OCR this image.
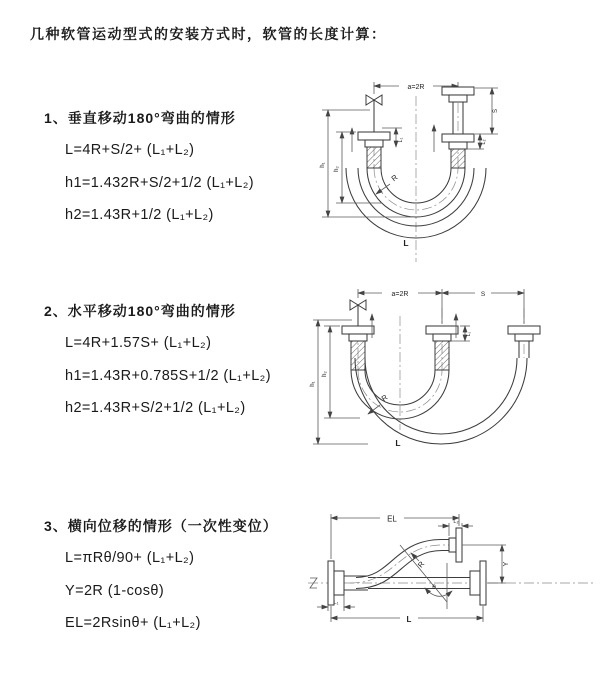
几种软管运动型式的安装方式时，软管的长度计算：
1、垂直移动180°弯曲的情形
L=4R+S/2+ (L₁+L₂)
h1=1.432R+S/2+1/2 (L₁+L₂)
h2=1.43R+1/2 (L₁+L₂)
2、水平移动180°弯曲的情形
L=4R+1.57S+ (L₁+L₂)
h1=1.43R+0.785S+1/2 (L₁+L₂)
h2=1.43R+S/2+1/2 (L₁+L₂)
3、横向位移的情形（一次性变位）
L=πRθ/90+ (L₁+L₂)
Y=2R (1-cosθ)
EL=2Rsinθ+ (L₁+L₂)
a=2R
L₁
S
L₂
h₁
h₂
R
L
a=2R	S
L₁
h₁
h₂
R
L
EL	L₂
Y
R
θ
L
L₁
